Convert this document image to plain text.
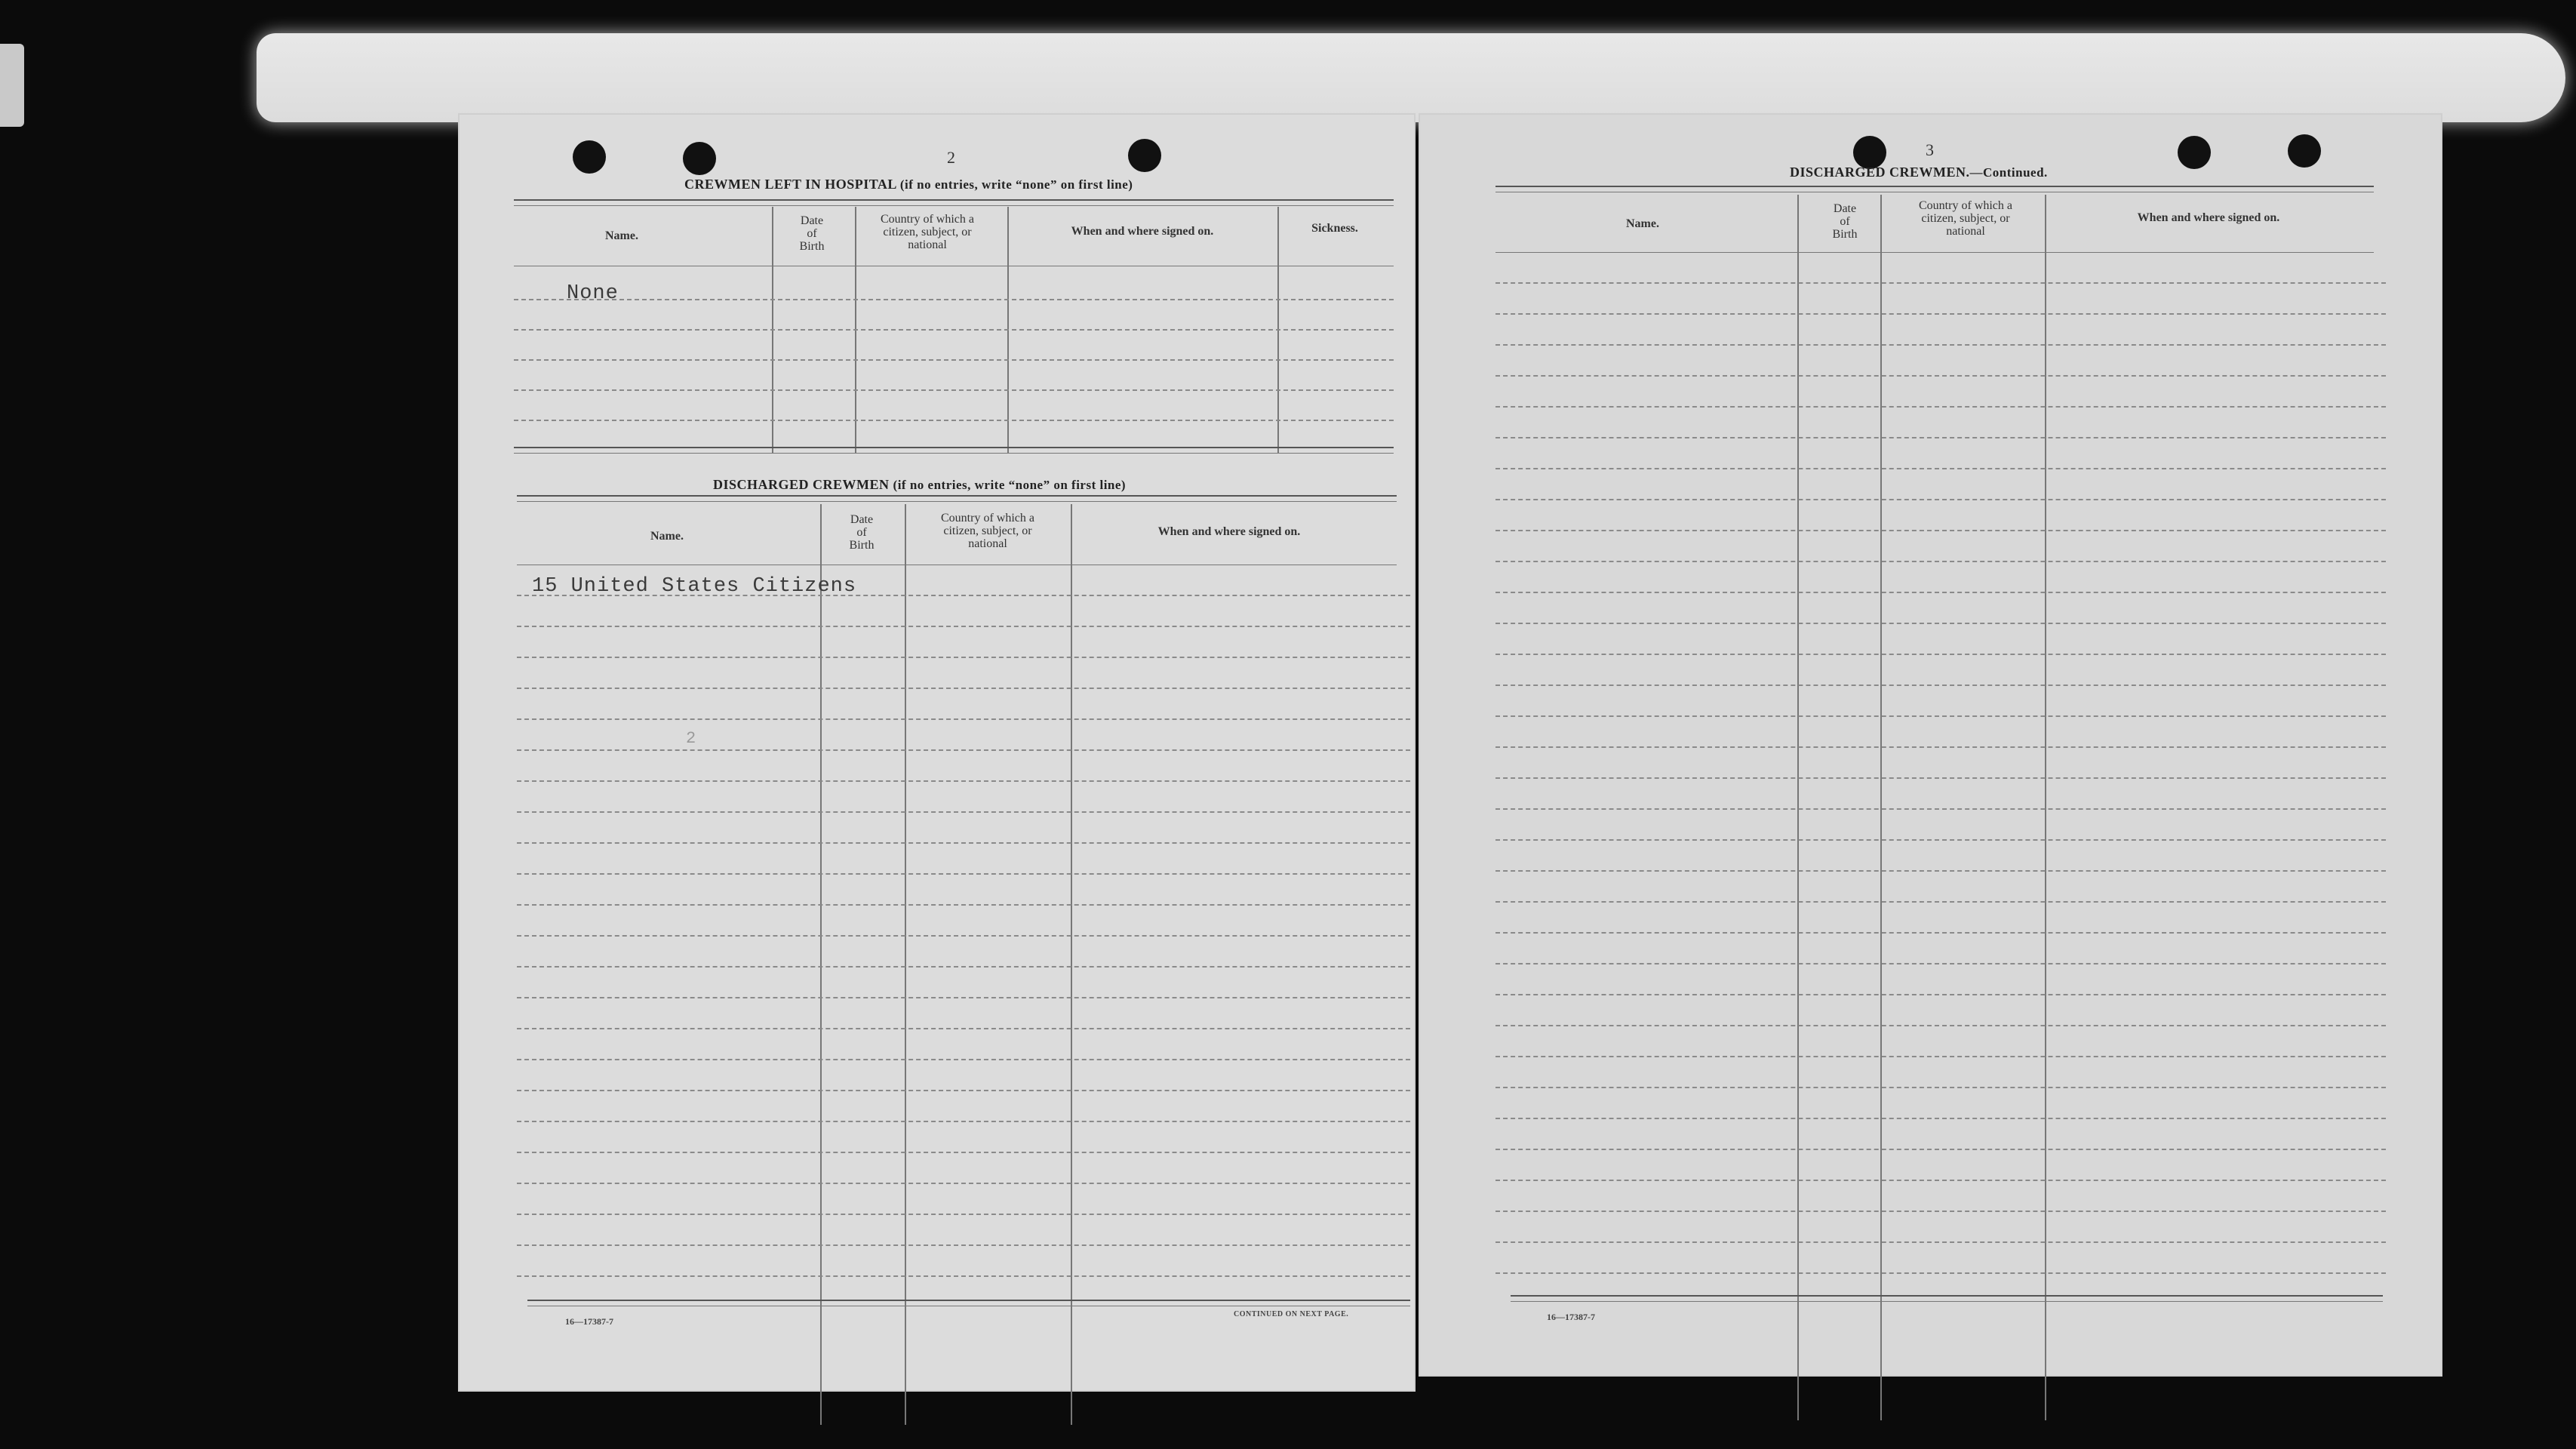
2
CREWMEN LEFT IN HOSPITAL (if no entries, write “none” on first line)
Name.
Date
of
Birth
Country of which a
citizen, subject, or
national
When and where signed on.	Sickness.
None
DISCHARGED CREWMEN (if no entries, write “none” on first line)
Name.
Date
of
Birth
Country of which a
citizen, subject, or
national
When and where signed on.
15 United States Citizens
2
16—17387-7
CONTINUED ON NEXT PAGE.
3
DISCHARGED CREWMEN.—Continued.
Name.
Date
of
Birth
Country of which a
citizen, subject, or
national
When and where signed on.
16—17387-7
